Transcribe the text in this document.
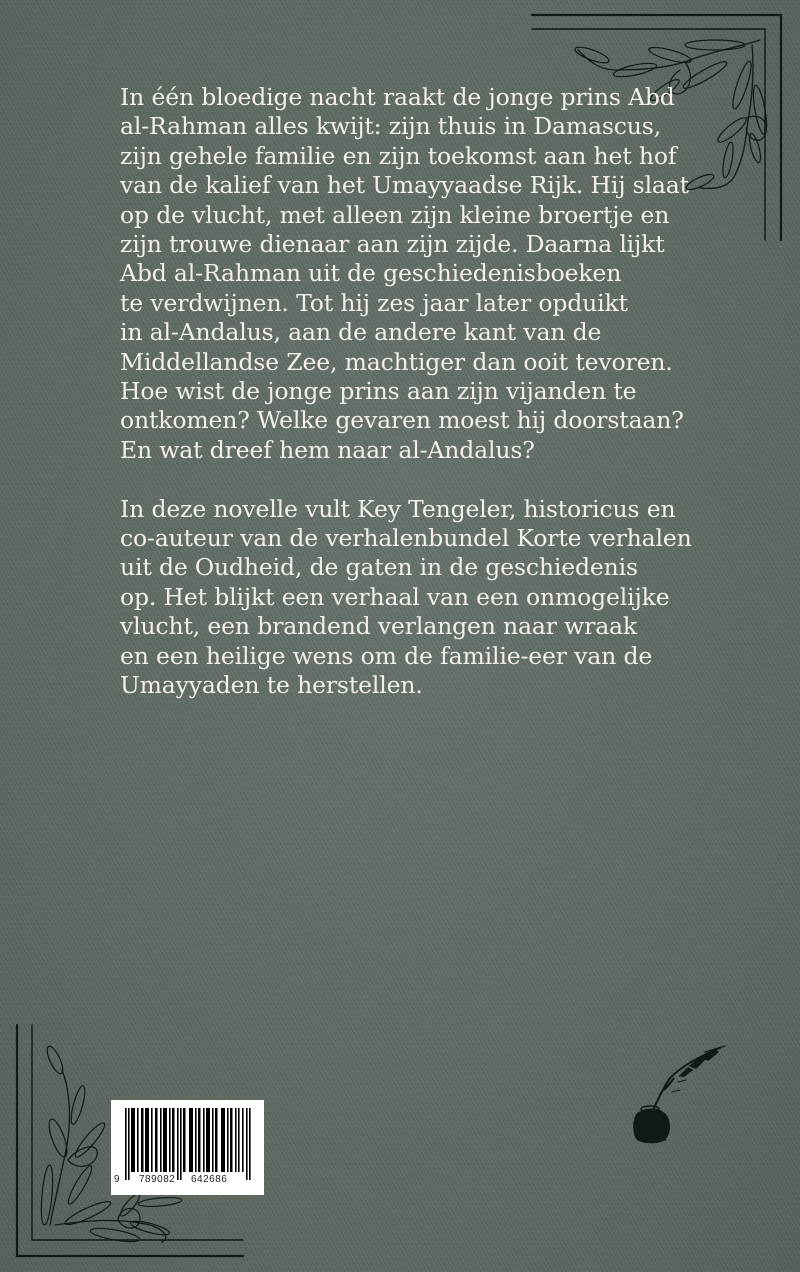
In één bloedige nacht raakt de jonge prins Abd
al-Rahman alles kwijt: zijn thuis in Damascus,
zijn gehele familie en zijn toekomst aan het hof
van de kalief van het Umayyaadse Rijk. Hij slaat
op de vlucht, met alleen zijn kleine broertje en
zijn trouwe dienaar aan zijn zijde. Daarna lijkt
Abd al-Rahman uit de geschiedenisboeken
te verdwijnen. Tot hij zes jaar later opduikt
in al-Andalus, aan de andere kant van de
Middellandse Zee, machtiger dan ooit tevoren.
Hoe wist de jonge prins aan zijn vijanden te
ontkomen? Welke gevaren moest hij doorstaan?
En wat dreef hem naar al-Andalus?

In deze novelle vult Key Tengeler, historicus en
co-auteur van de verhalenbundel Korte verhalen
uit de Oudheid, de gaten in de geschiedenis
op. Het blijkt een verhaal van een onmogelijke
vlucht, een brandend verlangen naar wraak
en een heilige wens om de familie-eer van de
Umayyaden te herstellen.

9 789082 642686
